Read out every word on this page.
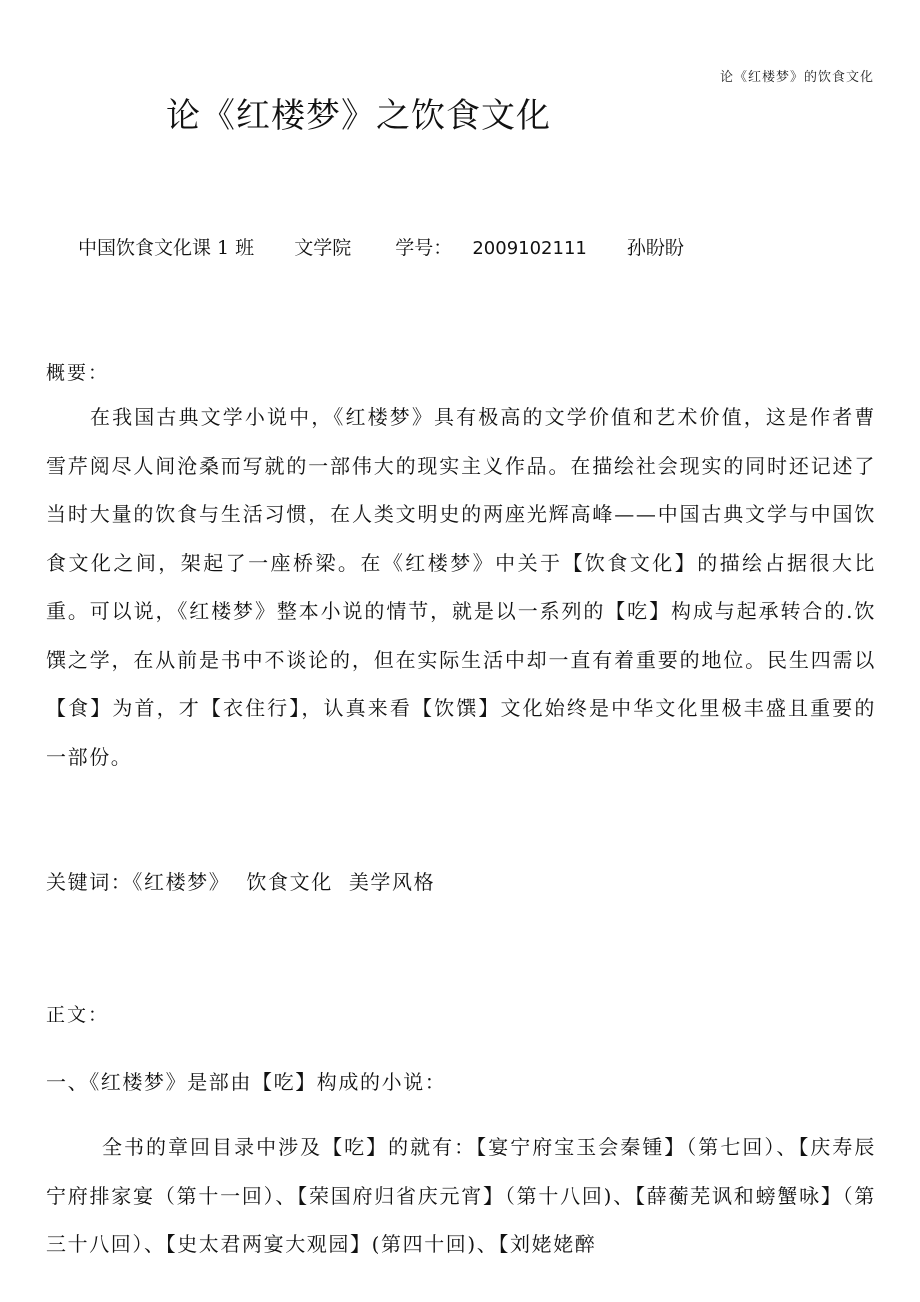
论《红楼梦》的饮食文化
论《红楼梦》之饮食文化
中国饮食文化课 1 班 文学院 学号： 2009102111 孙盼盼
概要：
在我国古典文学小说中，《红楼梦》具有极高的文学价值和艺术价值，这是作者曹雪芹阅尽人间沧桑而写就的一部伟大的现实主义作品。在描绘社会现实的同时还记述了当时大量的饮食与生活习惯，在人类文明史的两座光辉高峰——中国古典文学与中国饮食文化之间，架起了一座桥梁。在《红楼梦》中关于【饮食文化】的描绘占据很大比重。可以说，《红楼梦》整本小说的情节，就是以一系列的【吃】构成与起承转合的.饮馔之学，在从前是书中不谈论的，但在实际生活中却一直有着重要的地位。民生四需以【食】为首，才【衣住行】，认真来看【饮馔】文化始终是中华文化里极丰盛且重要的一部份。
关键词：《红楼梦》 饮食文化 美学风格
正文：
一、《红楼梦》是部由【吃】构成的小说：
全书的章回目录中涉及【吃】的就有：【宴宁府宝玉会秦锺】（第七回）、【庆寿辰宁府排家宴（第十一回）、【荣国府归省庆元宵】（第十八回)、【薛蘅芜讽和螃蟹咏】（第三十八回）、【史太君两宴大观园】(第四十回)、【刘姥姥醉
